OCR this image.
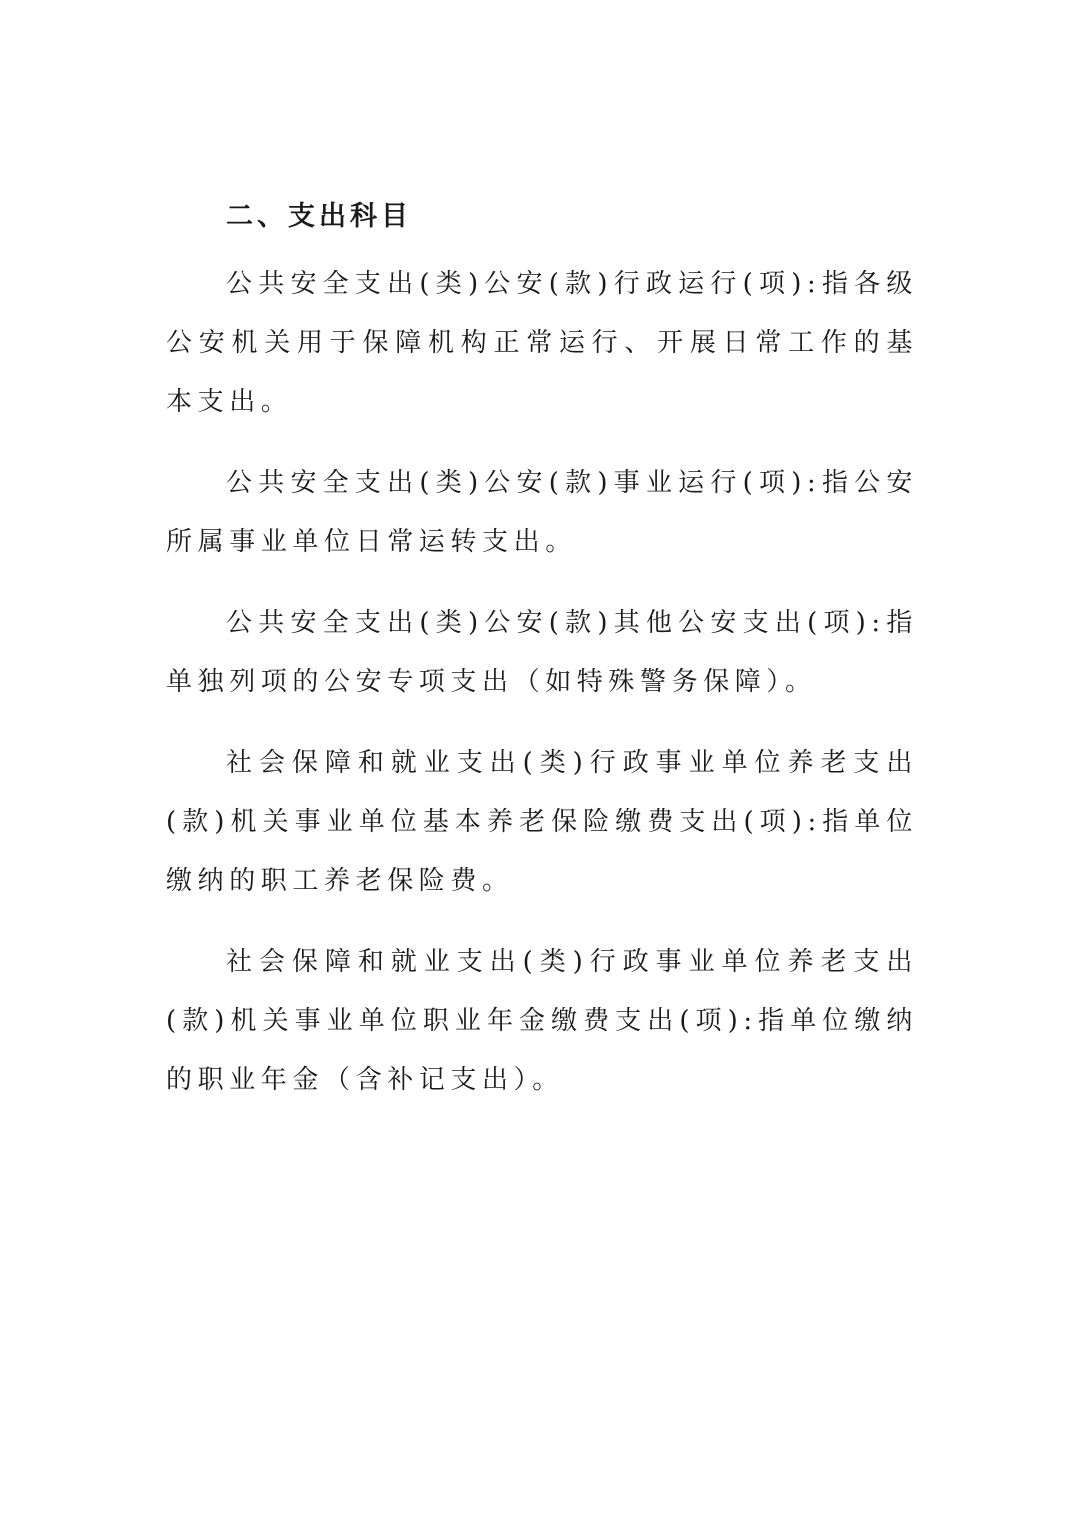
二、支出科目

公共安全支出(类)公安(款)行政运行(项):指各级公安机关用于保障机构正常运行、开展日常工作的基本支出。

公共安全支出(类)公安(款)事业运行(项):指公安所属事业单位日常运转支出。

公共安全支出(类)公安(款)其他公安支出(项):指单独列项的公安专项支出（如特殊警务保障）。

社会保障和就业支出(类)行政事业单位养老支出(款)机关事业单位基本养老保险缴费支出(项):指单位缴纳的职工养老保险费。

社会保障和就业支出(类)行政事业单位养老支出(款)机关事业单位职业年金缴费支出(项):指单位缴纳的职业年金（含补记支出）。
